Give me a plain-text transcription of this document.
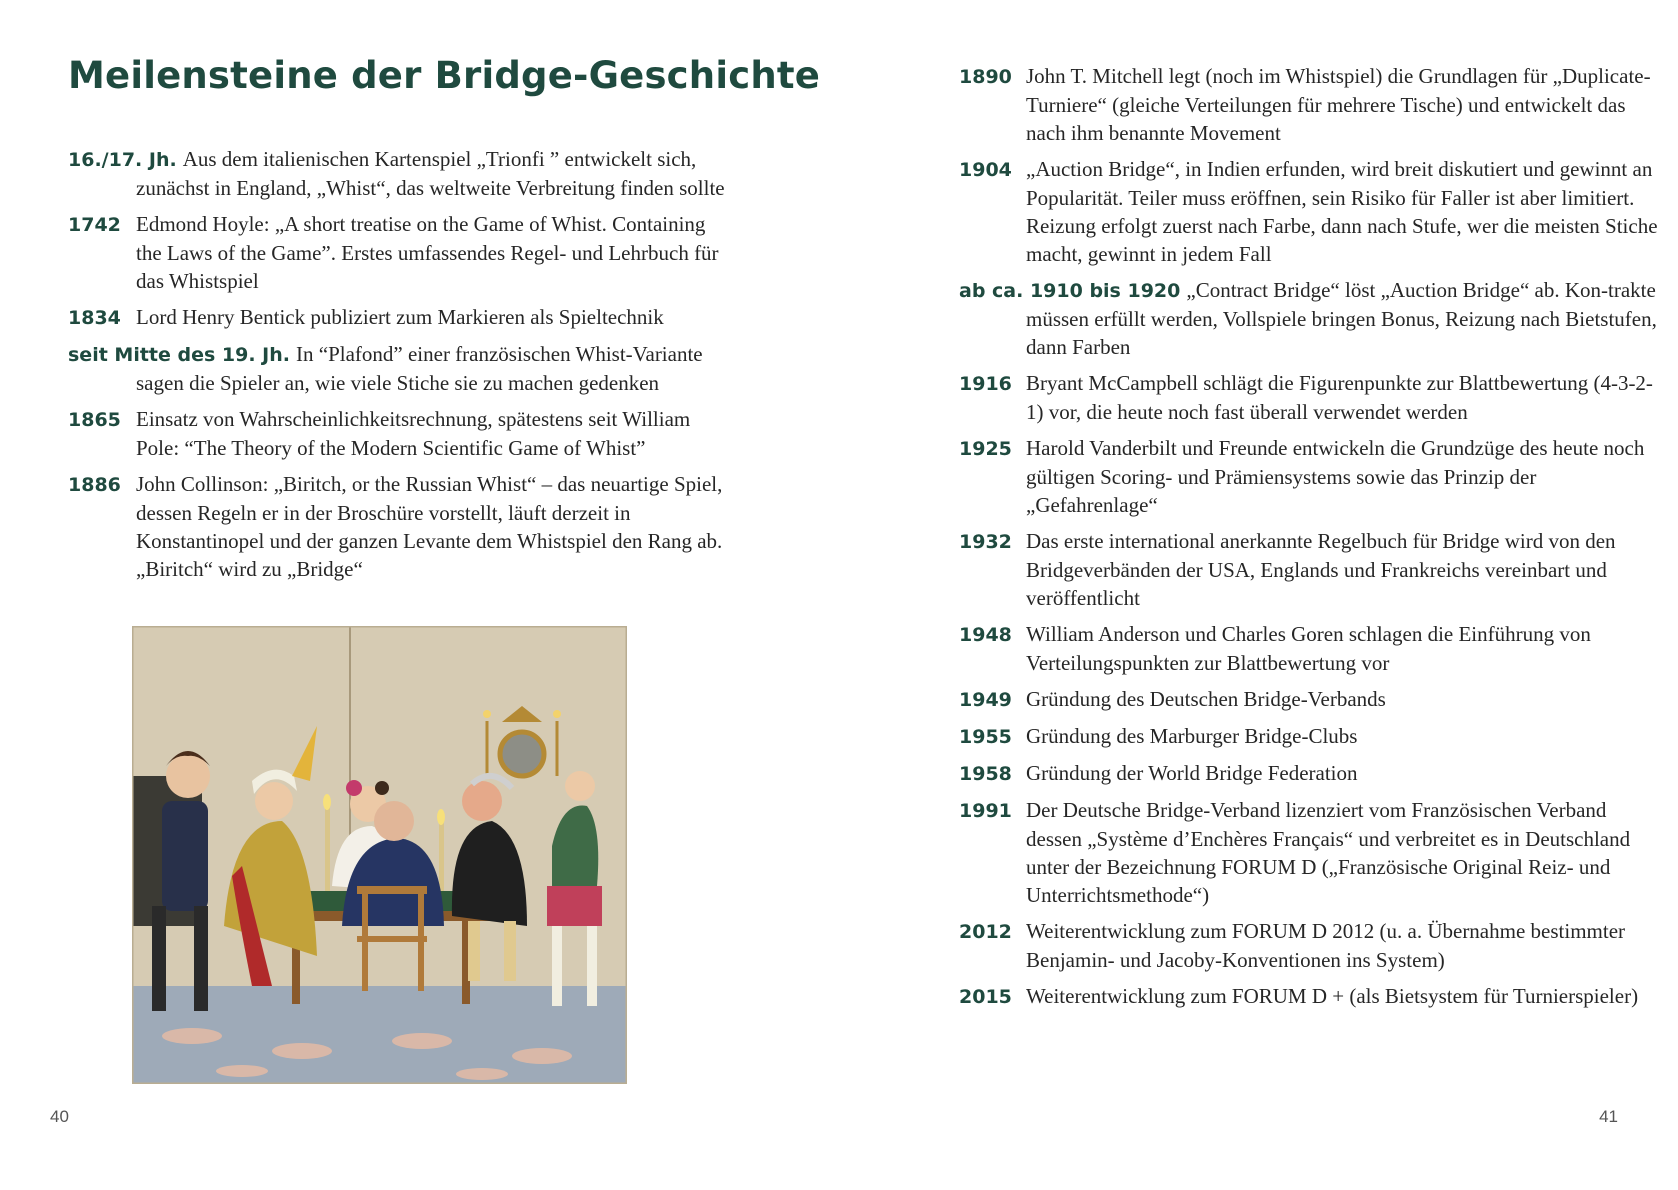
Meilensteine der Bridge-Geschichte
16./17. Jh. Aus dem italienischen Kartenspiel „Trionfi ” entwickelt sich, zunächst in England, „Whist“, das weltweite Verbreitung finden sollte
1742 Edmond Hoyle: „A short treatise on the Game of Whist. Containing the Laws of the Game”. Erstes umfassendes Regel- und Lehrbuch für das Whistspiel
1834 Lord Henry Bentick publiziert zum Markieren als Spieltechnik
seit Mitte des 19. Jh. In “Plafond” einer französischen Whist-Variante sagen die Spieler an, wie viele Stiche sie zu machen gedenken
1865 Einsatz von Wahrscheinlichkeitsrechnung, spätestens seit William Pole: “The Theory of the Modern Scientific Game of Whist”
1886 John Collinson: „Biritch, or the Russian Whist“ – das neuartige Spiel, dessen Regeln er in der Broschüre vorstellt, läuft derzeit in Konstantinopel und der ganzen Levante dem Whistspiel den Rang ab. „Biritch“ wird zu „Bridge“
40
1890 John T. Mitchell legt (noch im Whistspiel) die Grundlagen für „Duplicate-Turniere“ (gleiche Verteilungen für mehrere Tische) und entwickelt das nach ihm benannte Movement
1904 „Auction Bridge“, in Indien erfunden, wird breit diskutiert und gewinnt an Popularität. Teiler muss eröffnen, sein Risiko für Faller ist aber limitiert. Reizung erfolgt zuerst nach Farbe, dann nach Stufe, wer die meisten Stiche macht, gewinnt in jedem Fall
ab ca. 1910 bis 1920 „Contract Bridge“ löst „Auction Bridge“ ab. Kon-trakte müssen erfüllt werden, Vollspiele bringen Bonus, Reizung nach Bietstufen, dann Farben
1916 Bryant McCampbell schlägt die Figurenpunkte zur Blattbewertung (4-3-2-1) vor, die heute noch fast überall verwendet werden
1925 Harold Vanderbilt und Freunde entwickeln die Grundzüge des heute noch gültigen Scoring- und Prämiensystems sowie das Prinzip der „Gefahrenlage“
1932 Das erste international anerkannte Regelbuch für Bridge wird von den Bridgeverbänden der USA, Englands und Frankreichs vereinbart und veröffentlicht
1948 William Anderson und Charles Goren schlagen die Einführung von Verteilungspunkten zur Blattbewertung vor
1949 Gründung des Deutschen Bridge-Verbands
1955 Gründung des Marburger Bridge-Clubs
1958 Gründung der World Bridge Federation
1991 Der Deutsche Bridge-Verband lizenziert vom Französischen Verband dessen „Système d’Enchères Français“ und verbreitet es in Deutschland unter der Bezeichnung FORUM D („Französische Original Reiz- und Unterrichtsmethode“)
2012 Weiterentwicklung zum FORUM D 2012 (u. a. Übernahme bestimmter Benjamin- und Jacoby-Konventionen ins System)
2015 Weiterentwicklung zum FORUM D + (als Bietsystem für Turnierspieler)
41
